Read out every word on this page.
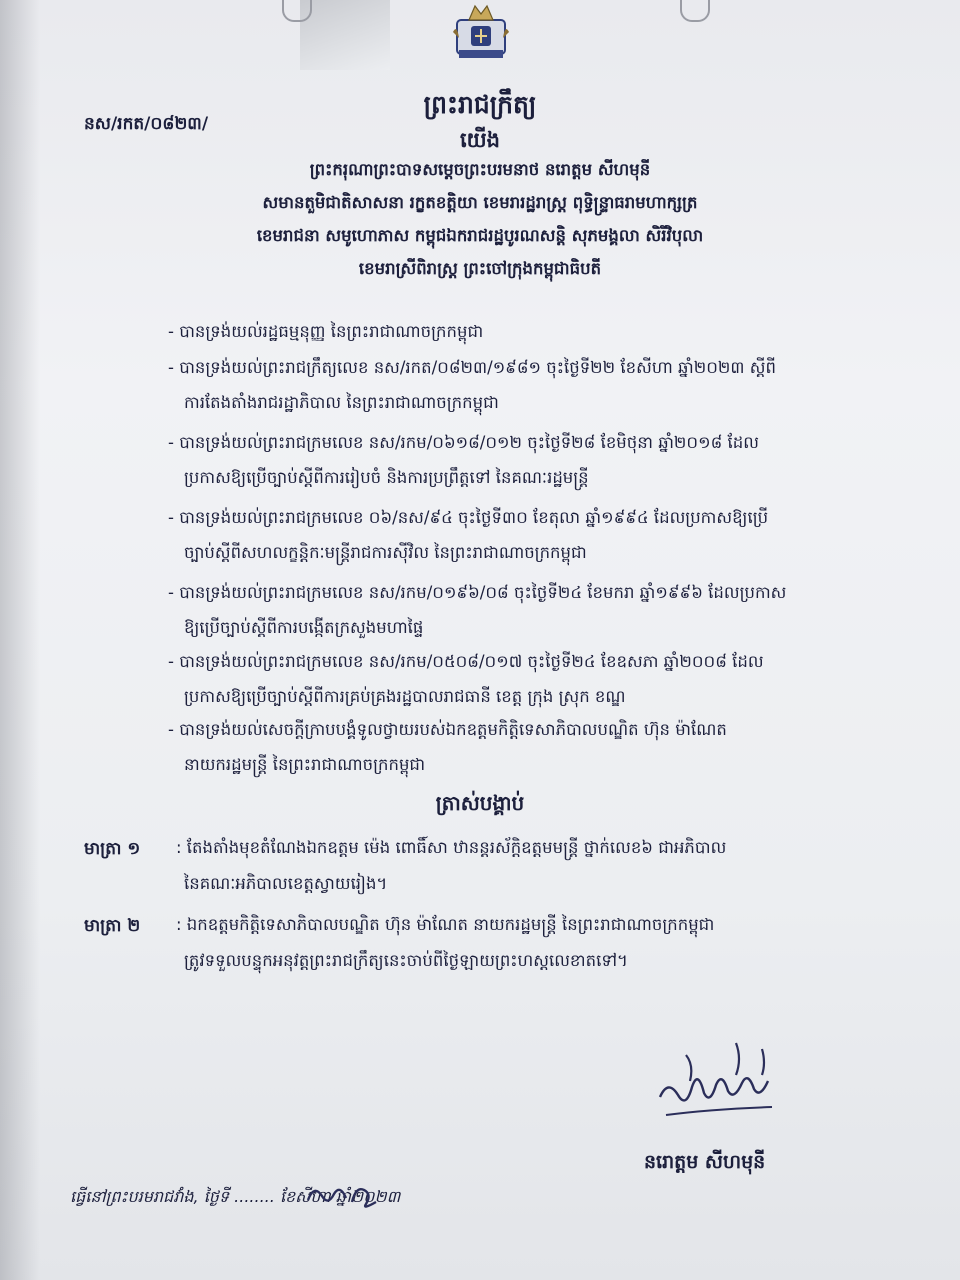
នស/រកត/០៨២៣/
ព្រះរាជក្រឹត្យ
យើង
ព្រះករុណាព្រះបាទសម្តេចព្រះបរមនាថ នរោត្តម សីហមុនី
សមានតួមិជាតិសាសនា រក្ខតខត្តិយា ខេមរារដ្ឋរាស្ត្រ ពុទ្ធិន្ទ្រាធរាមហាក្សត្រ
ខេមរាជនា សមូហោភាស កម្ពុជឯករាជរដ្ឋបូរណសន្តិ សុភមង្គលា សិរីវិបុលា
ខេមរាស្រីពិរាស្ត្រ ព្រះចៅក្រុងកម្ពុជាធិបតី
- បានទ្រង់យល់រដ្ឋធម្មនុញ្ញ នៃព្រះរាជាណាចក្រកម្ពុជា
- បានទ្រង់យល់ព្រះរាជក្រឹត្យលេខ នស/រកត/០៨២៣/១៩៨១ ចុះថ្ងៃទី២២ ខែសីហា ឆ្នាំ២០២៣ ស្តីពី
ការតែងតាំងរាជរដ្ឋាភិបាល នៃព្រះរាជាណាចក្រកម្ពុជា
- បានទ្រង់យល់ព្រះរាជក្រមលេខ នស/រកម/០៦១៨/០១២ ចុះថ្ងៃទី២៨ ខែមិថុនា ឆ្នាំ២០១៨ ដែល
ប្រកាសឱ្យប្រើច្បាប់ស្តីពីការរៀបចំ និងការប្រព្រឹត្តទៅ នៃគណៈរដ្ឋមន្ត្រី
- បានទ្រង់យល់ព្រះរាជក្រមលេខ ០៦/នស/៩៤ ចុះថ្ងៃទី៣០ ខែតុលា ឆ្នាំ១៩៩៤ ដែលប្រកាសឱ្យប្រើ
ច្បាប់ស្តីពីសហលក្ខន្តិកៈមន្ត្រីរាជការស៊ីវិល នៃព្រះរាជាណាចក្រកម្ពុជា
- បានទ្រង់យល់ព្រះរាជក្រមលេខ នស/រកម/០១៩៦/០៨ ចុះថ្ងៃទី២៤ ខែមករា ឆ្នាំ១៩៩៦ ដែលប្រកាស
ឱ្យប្រើច្បាប់ស្តីពីការបង្កើតក្រសួងមហាផ្ទៃ
- បានទ្រង់យល់ព្រះរាជក្រមលេខ នស/រកម/០៥០៨/០១៧ ចុះថ្ងៃទី២៤ ខែឧសភា ឆ្នាំ២០០៨ ដែល
ប្រកាសឱ្យប្រើច្បាប់ស្តីពីការគ្រប់គ្រងរដ្ឋបាលរាជធានី ខេត្ត ក្រុង ស្រុក ខណ្ឌ
- បានទ្រង់យល់សេចក្តីក្រាបបង្គំទូលថ្វាយរបស់ឯកឧត្តមកិត្តិទេសាភិបាលបណ្ឌិត ហ៊ុន ម៉ាណែត
នាយករដ្ឋមន្ត្រី នៃព្រះរាជាណាចក្រកម្ពុជា
ត្រាស់បង្គាប់
មាត្រា ១ : តែងតាំងមុខតំណែងឯកឧត្តម ម៉េង ពោធិ៍សា ឋានន្តរស័ក្តិឧត្តមមន្ត្រី ថ្នាក់លេខ៦ ជាអភិបាល
នៃគណៈអភិបាលខេត្តស្វាយរៀង។
មាត្រា ២ : ឯកឧត្តមកិត្តិទេសាភិបាលបណ្ឌិត ហ៊ុន ម៉ាណែត នាយករដ្ឋមន្ត្រី នៃព្រះរាជាណាចក្រកម្ពុជា
ត្រូវទទួលបន្ទុកអនុវត្តព្រះរាជក្រឹត្យនេះចាប់ពីថ្ងៃឡាយព្រះហស្តលេខាតទៅ។
នរោត្តម សីហមុនី
ធ្វើនៅព្រះបរមរាជវាំង, ថ្ងៃទី ........ ខែសីហា ឆ្នាំ២០២៣
